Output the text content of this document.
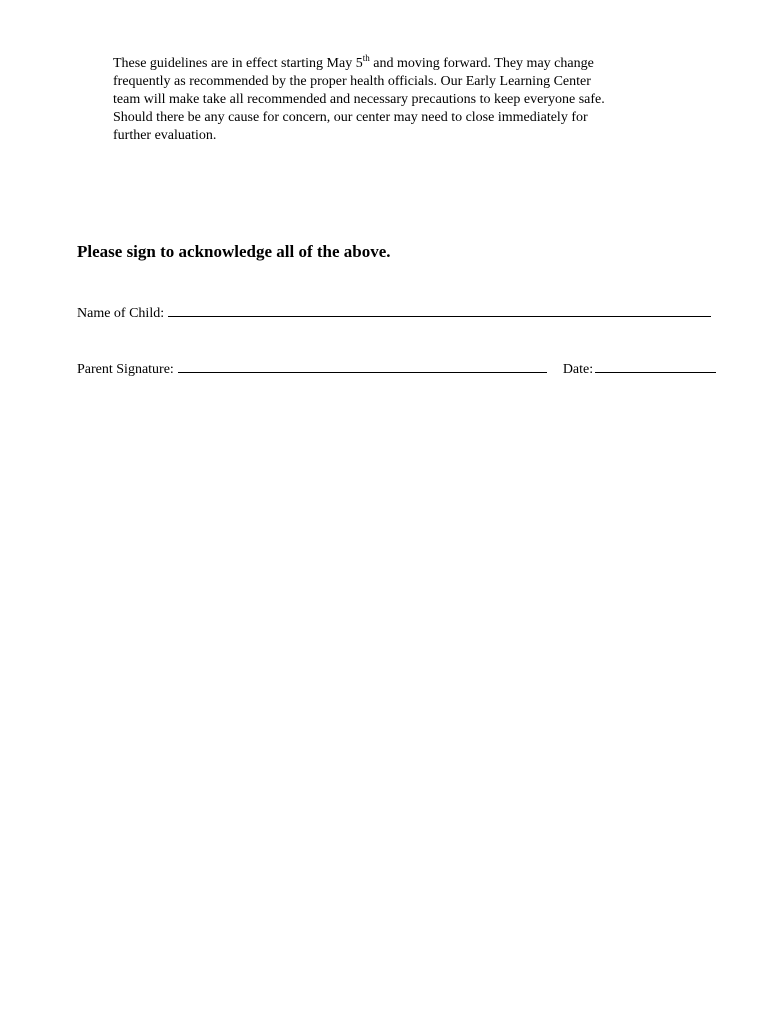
These guidelines are in effect starting May 5th and moving forward. They may change
frequently as recommended by the proper health officials. Our Early Learning Center
team will make take all recommended and necessary precautions to keep everyone safe.
Should there be any cause for concern, our center may need to close immediately for
further evaluation.
Please sign to acknowledge all of the above.
Name of Child:
Parent Signature:	Date:
